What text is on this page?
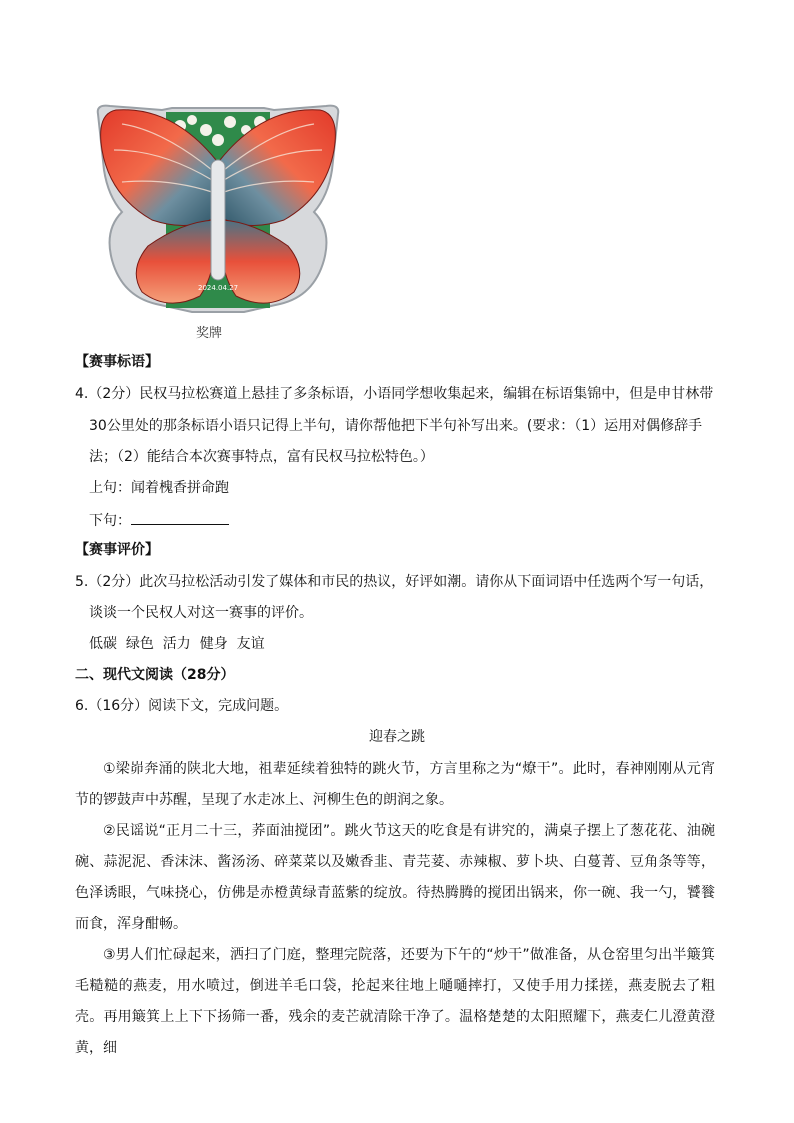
2024.04.27
奖牌
【赛事标语】
4.（2分）民权马拉松赛道上悬挂了多条标语，小语同学想收集起来，编辑在标语集锦中，但是申甘林带
30公里处的那条标语小语只记得上半句，请你帮他把下半句补写出来。(要求：（1）运用对偶修辞手
法；（2）能结合本次赛事特点，富有民权马拉松特色。）
上句：闻着槐香拼命跑
下句：
【赛事评价】
5.（2分）此次马拉松活动引发了媒体和市民的热议，好评如潮。请你从下面词语中任选两个写一句话，
谈谈一个民权人对这一赛事的评价。
低碳  绿色  活力  健身  友谊
二、现代文阅读（28分）
6.（16分）阅读下文，完成问题。
迎春之跳
①梁峁奔涌的陕北大地，祖辈延续着独特的跳火节，方言里称之为“燎干”。此时，春神刚刚从元宵节的锣鼓声中苏醒，呈现了水走冰上、河柳生色的朗润之象。
②民谣说“正月二十三，荞面油搅团”。跳火节这天的吃食是有讲究的，满桌子摆上了葱花花、油碗碗、蒜泥泥、香沫沫、酱汤汤、碎菜菜以及嫩香韭、青芫荽、赤辣椒、萝卜块、白蔓菁、豆角条等等，色泽诱眼，气味挠心，仿佛是赤橙黄绿青蓝紫的绽放。待热腾腾的搅团出锅来，你一碗、我一勺，饕餮而食，浑身酣畅。
③男人们忙碌起来，洒扫了门庭，整理完院落，还要为下午的“炒干”做准备，从仓窑里匀出半簸箕毛糙糙的燕麦，用水喷过，倒进羊毛口袋，抡起来往地上嗵嗵摔打，又使手用力揉搓，燕麦脱去了粗壳。再用簸箕上上下下扬筛一番，残余的麦芒就清除干净了。温格楚楚的太阳照耀下，燕麦仁儿澄黄澄黄，细
